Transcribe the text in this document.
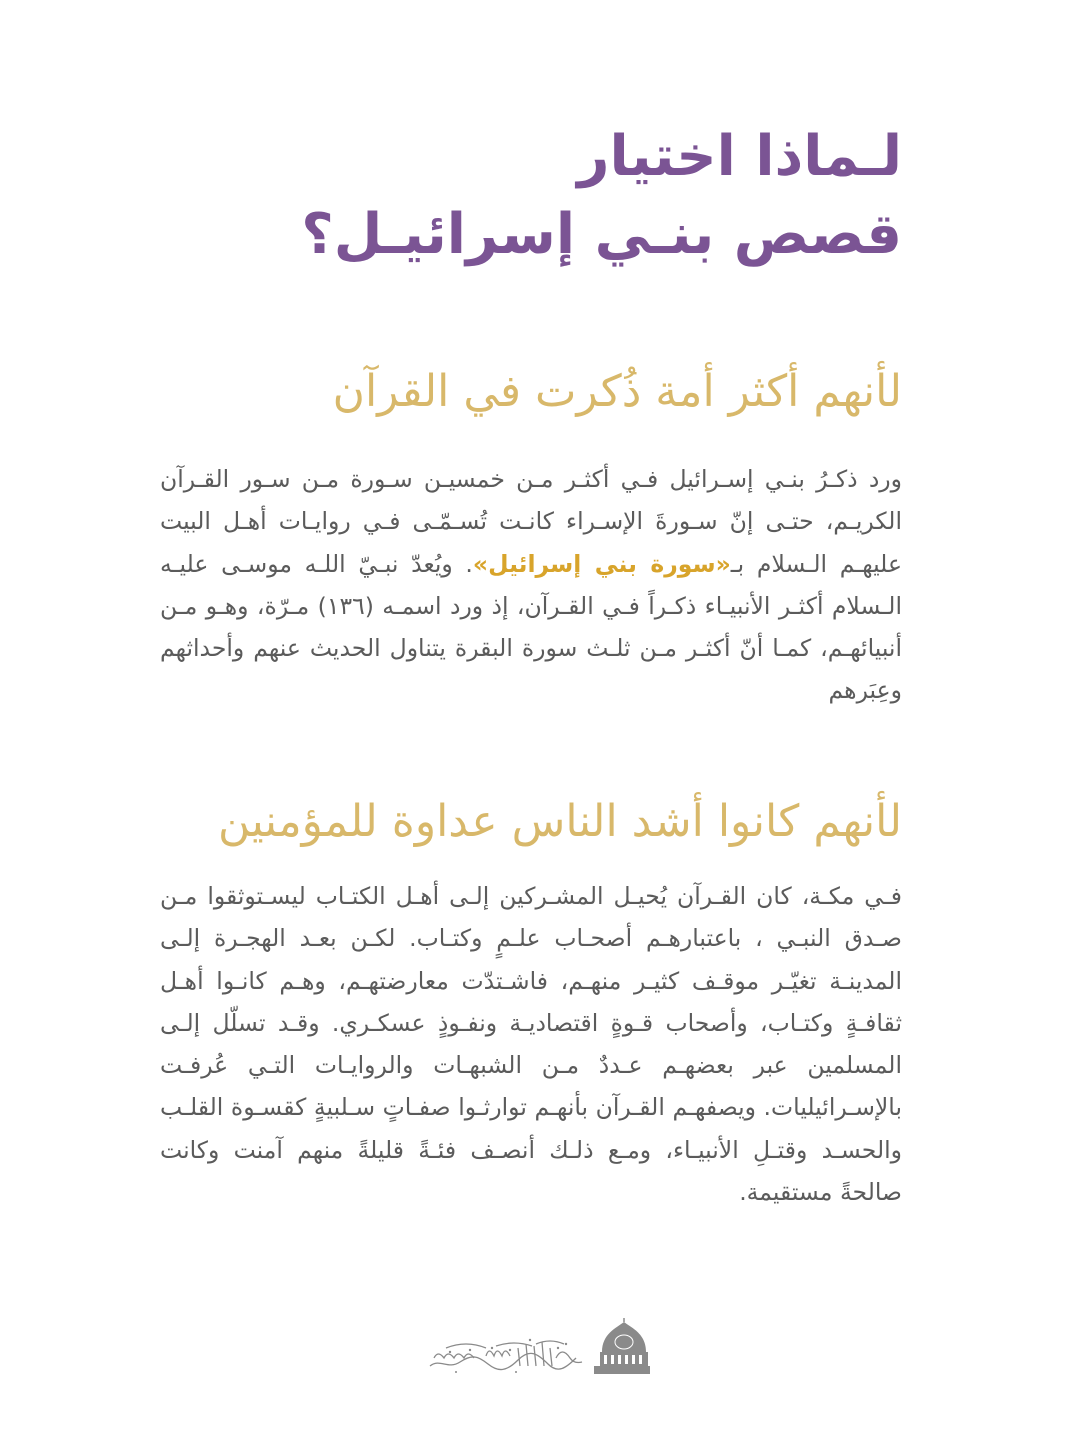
لـماذا اختيار
قصص بنـي إسرائيـل؟
لأنهم أكثر أمة ذُكرت في القرآن

ورد ذكـرُ بنـي إسـرائيل فـي أكثـر مـن خمسيـن سـورة مـن سـور القـرآن الكريـم، حتـى إنّ سـورةَ الإسـراء كانـت تُسـمّـى فـي روايـات أهـل البيت عليهـم الـسلام بـ«سورة بني إسرائيل». ويُعدّ نبـيّ اللـه موسـى عليـه الـسلام أكثـر الأنبيـاء ذكـراً فـي القـرآن، إذ ورد اسمـه (١٣٦) مـرّة، وهـو مـن أنبيائهـم، كمـا أنّ أكثـر مـن ثلـث سورة البقرة يتناول الحديث عنهم وأحداثهم وعِبَرهم

لأنهم كانوا أشد الناس عداوة للمؤمنين

فـي مكـة، كان القـرآن يُحيـل المشـركين إلـى أهـل الكتـاب ليسـتوثقوا مـن صـدق النبـي ، باعتبارهـم أصحـاب علـمٍ وكتـاب. لكـن بعـد الهجـرة إلـى المدينـة تغيّـر موقـف كثيـر منهـم، فاشـتدّت معارضتهـم، وهـم كانـوا أهـل ثقافـةٍ وكتـاب، وأصحاب قـوةٍ اقتصاديـة ونفـوذٍ عسكـري. وقـد تسلّل إلـى المسلمين عبر بعضهـم عـددٌ مـن الشبهـات والروايـات التـي عُرفـت بالإسـرائيليات. ويصفهـم القـرآن بأنهـم توارثـوا صفـاتٍ سـلبيةٍ كقسـوة القلـب والحسـد وقتـلِ الأنبيـاء، ومـع ذلـك أنصـف فئـةً قليلةً منهم آمنت وكانت صالحةً مستقيمة.
